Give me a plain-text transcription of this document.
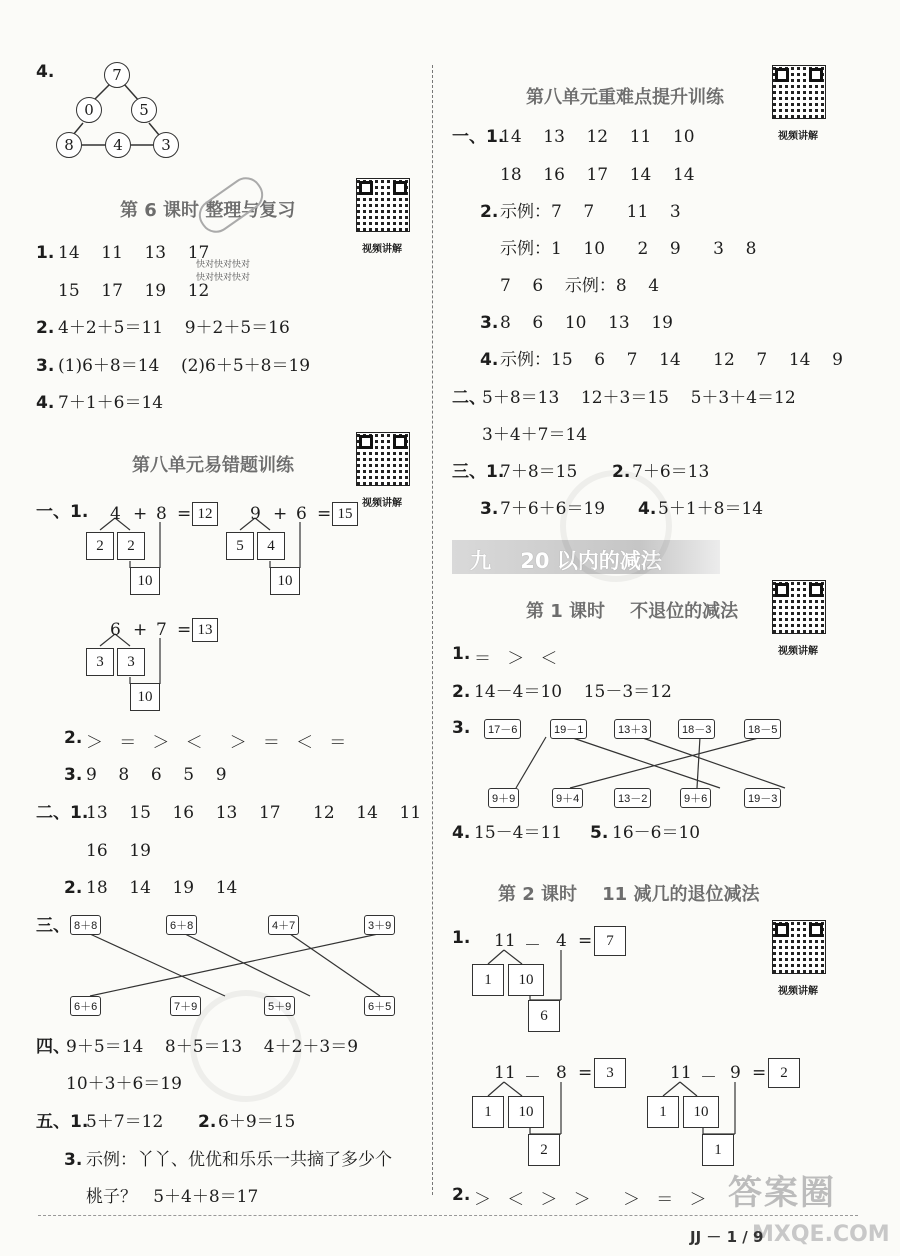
4.	7
0	5
8	4	3
第 6 课时 整理与复习
快对快对快对
快对快对快对
视频讲解
1. 14    11    13    17
15    17    19    12
2. 4＋2＋5＝11    9＋2＋5＝16
3. (1)6＋8＝14    (2)6＋5＋8＝19
4. 7＋1＋6＝14
第八单元易错题训练
视频讲解
一、1. 4 + 8 = 12
2	2
10
9 + 6 = 15
5	4
10
6 + 7 = 13
3	3
10
2. ＞   ＝   ＞   ＜     ＞   ＝   ＜   ＝
3. 9    8    6    5    9
二、1.
13    15    16    13    17      12    14    11
16    19
2. 18    14    19    14
三、 8＋8	6＋8	4＋7	3＋9
6＋6	7＋9	5＋9	6＋5
四、
9＋5＝14    8＋5＝13    4＋2＋3＝9
10＋3＋6＝19
五、1.
5＋7＝12 2. 6＋9＝15
3. 示例：丫丫、优优和乐乐一共摘了多少个
桃子？   5＋4＋8＝17
第八单元重难点提升训练
视频讲解
一、1.
14    13    12    11    10
18    16    17    14    14
2. 示例：7    7      11    3
示例：1    10      2    9      3    8
7    6    示例：8    4
3. 8    6    10    13    19
4. 示例：15    6    7    14      12    7    14    9
二、
5＋8＝13    12＋3＝15    5＋3＋4＝12
3＋4＋7＝14
三、1.
7＋8＝15 2. 7＋6＝13
3. 7＋6＋6＝19 4. 5＋1＋8＝14
九    20 以内的减法
第 1 课时    不退位的减法
视频讲解
1. ＝   ＞   ＜
2. 14－4＝10    15－3＝12
3.	17－6	19－1	13＋3	18－3	18－5
9＋9	9＋4	13－2	9＋6	19－3
4. 15－4＝11 5. 16－6＝10
第 2 课时    11 减几的退位减法
视频讲解
1. 11 － 4 = 7
1	10
6
11 － 8 = 3
1	10
2
11 － 9 = 2
1	10
1
2. ＞   ＜   ＞   ＞      ＞   ＝   ＞ 答案圈
MXQE.COM
JJ － 1 / 9
